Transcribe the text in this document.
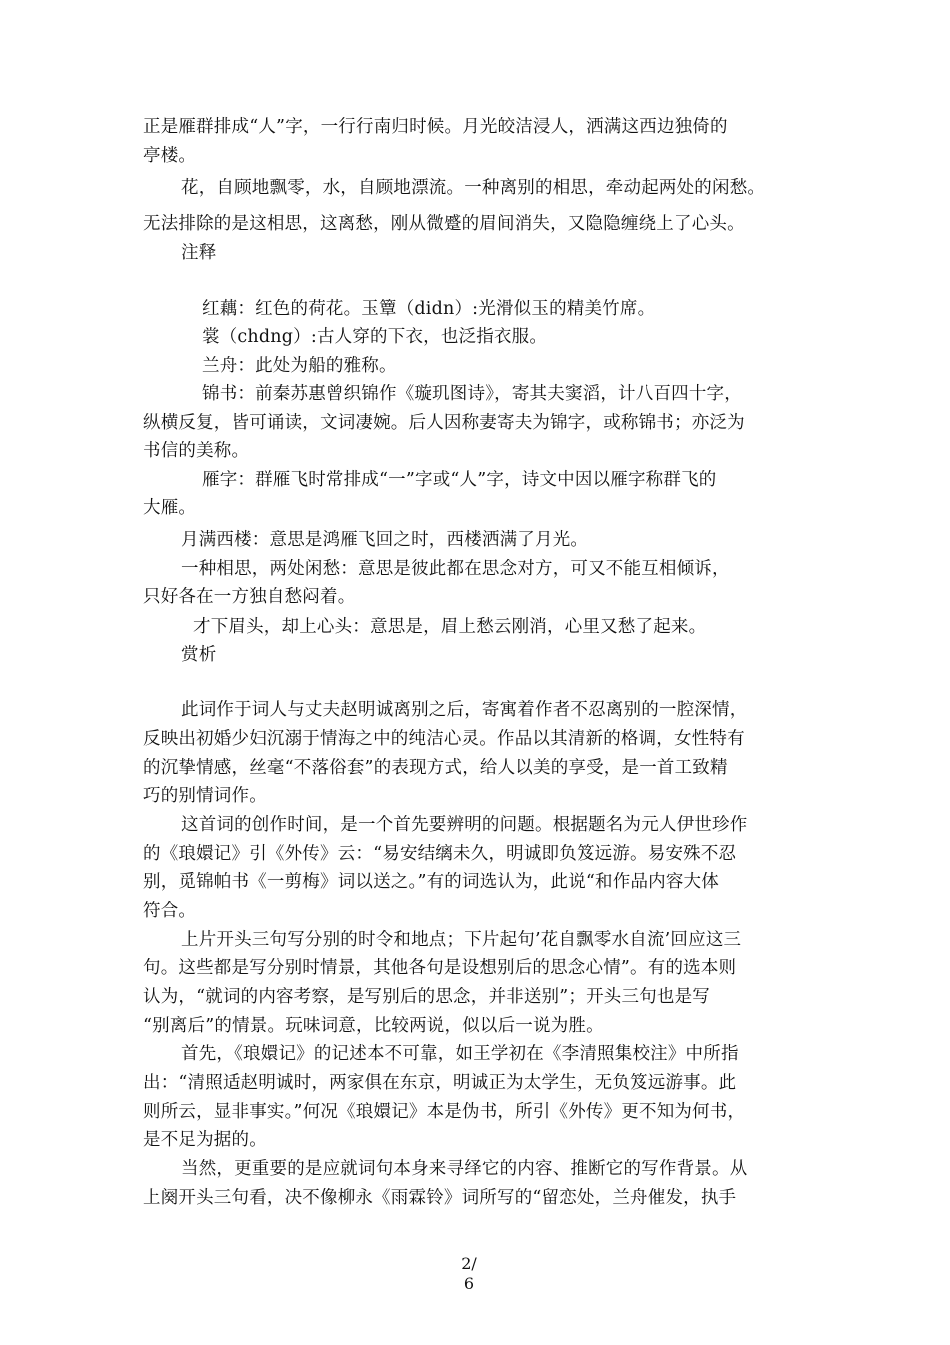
正是雁群排成“人”字，一行行南归时候。月光皎洁浸人，洒满这西边独倚的
亭楼。
花，自顾地飘零，水，自顾地漂流。一种离别的相思，牵动起两处的闲愁。
无法排除的是这相思，这离愁，刚从微蹙的眉间消失，又隐隐缠绕上了心头。
注释
红藕：红色的荷花。玉簟（didn）:光滑似玉的精美竹席。
裳（chdng）:古人穿的下衣，也泛指衣服。
兰舟：此处为船的雅称。
锦书：前秦苏惠曾织锦作《璇玑图诗》，寄其夫窦滔，计八百四十字，
纵横反复，皆可诵读，文词凄婉。后人因称妻寄夫为锦字，或称锦书；亦泛为
书信的美称。
雁字：群雁飞时常排成“一”字或“人”字，诗文中因以雁字称群飞的
大雁。
月满西楼：意思是鸿雁飞回之时，西楼洒满了月光。
一种相思，两处闲愁：意思是彼此都在思念对方，可又不能互相倾诉，
只好各在一方独自愁闷着。
才下眉头，却上心头：意思是，眉上愁云刚消，心里又愁了起来。
赏析
此词作于词人与丈夫赵明诚离别之后，寄寓着作者不忍离别的一腔深情，
反映出初婚少妇沉溺于情海之中的纯洁心灵。作品以其清新的格调，女性特有
的沉挚情感，丝毫“不落俗套”的表现方式，给人以美的享受，是一首工致精
巧的别情词作。
这首词的创作时间，是一个首先要辨明的问题。根据题名为元人伊世珍作
的《琅嬛记》引《外传》云：“易安结缡未久，明诚即负笈远游。易安殊不忍
别，觅锦帕书《一剪梅》词以送之。”有的词选认为，此说“和作品内容大体
符合。
上片开头三句写分别的时令和地点；下片起句’花自飘零水自流’回应这三
句。这些都是写分别时情景，其他各句是设想别后的思念心情”。有的选本则
认为，“就词的内容考察，是写别后的思念，并非送别”；开头三句也是写
“别离后”的情景。玩味词意，比较两说，似以后一说为胜。
首先，《琅嬛记》的记述本不可靠，如王学初在《李清照集校注》中所指
出：“清照适赵明诚时，两家俱在东京，明诚正为太学生，无负笈远游事。此
则所云，显非事实。”何况《琅嬛记》本是伪书，所引《外传》更不知为何书，
是不足为据的。
当然，更重要的是应就词句本身来寻绎它的内容、推断它的写作背景。从
上阕开头三句看，决不像柳永《雨霖铃》词所写的“留恋处，兰舟催发，执手
2/
6
